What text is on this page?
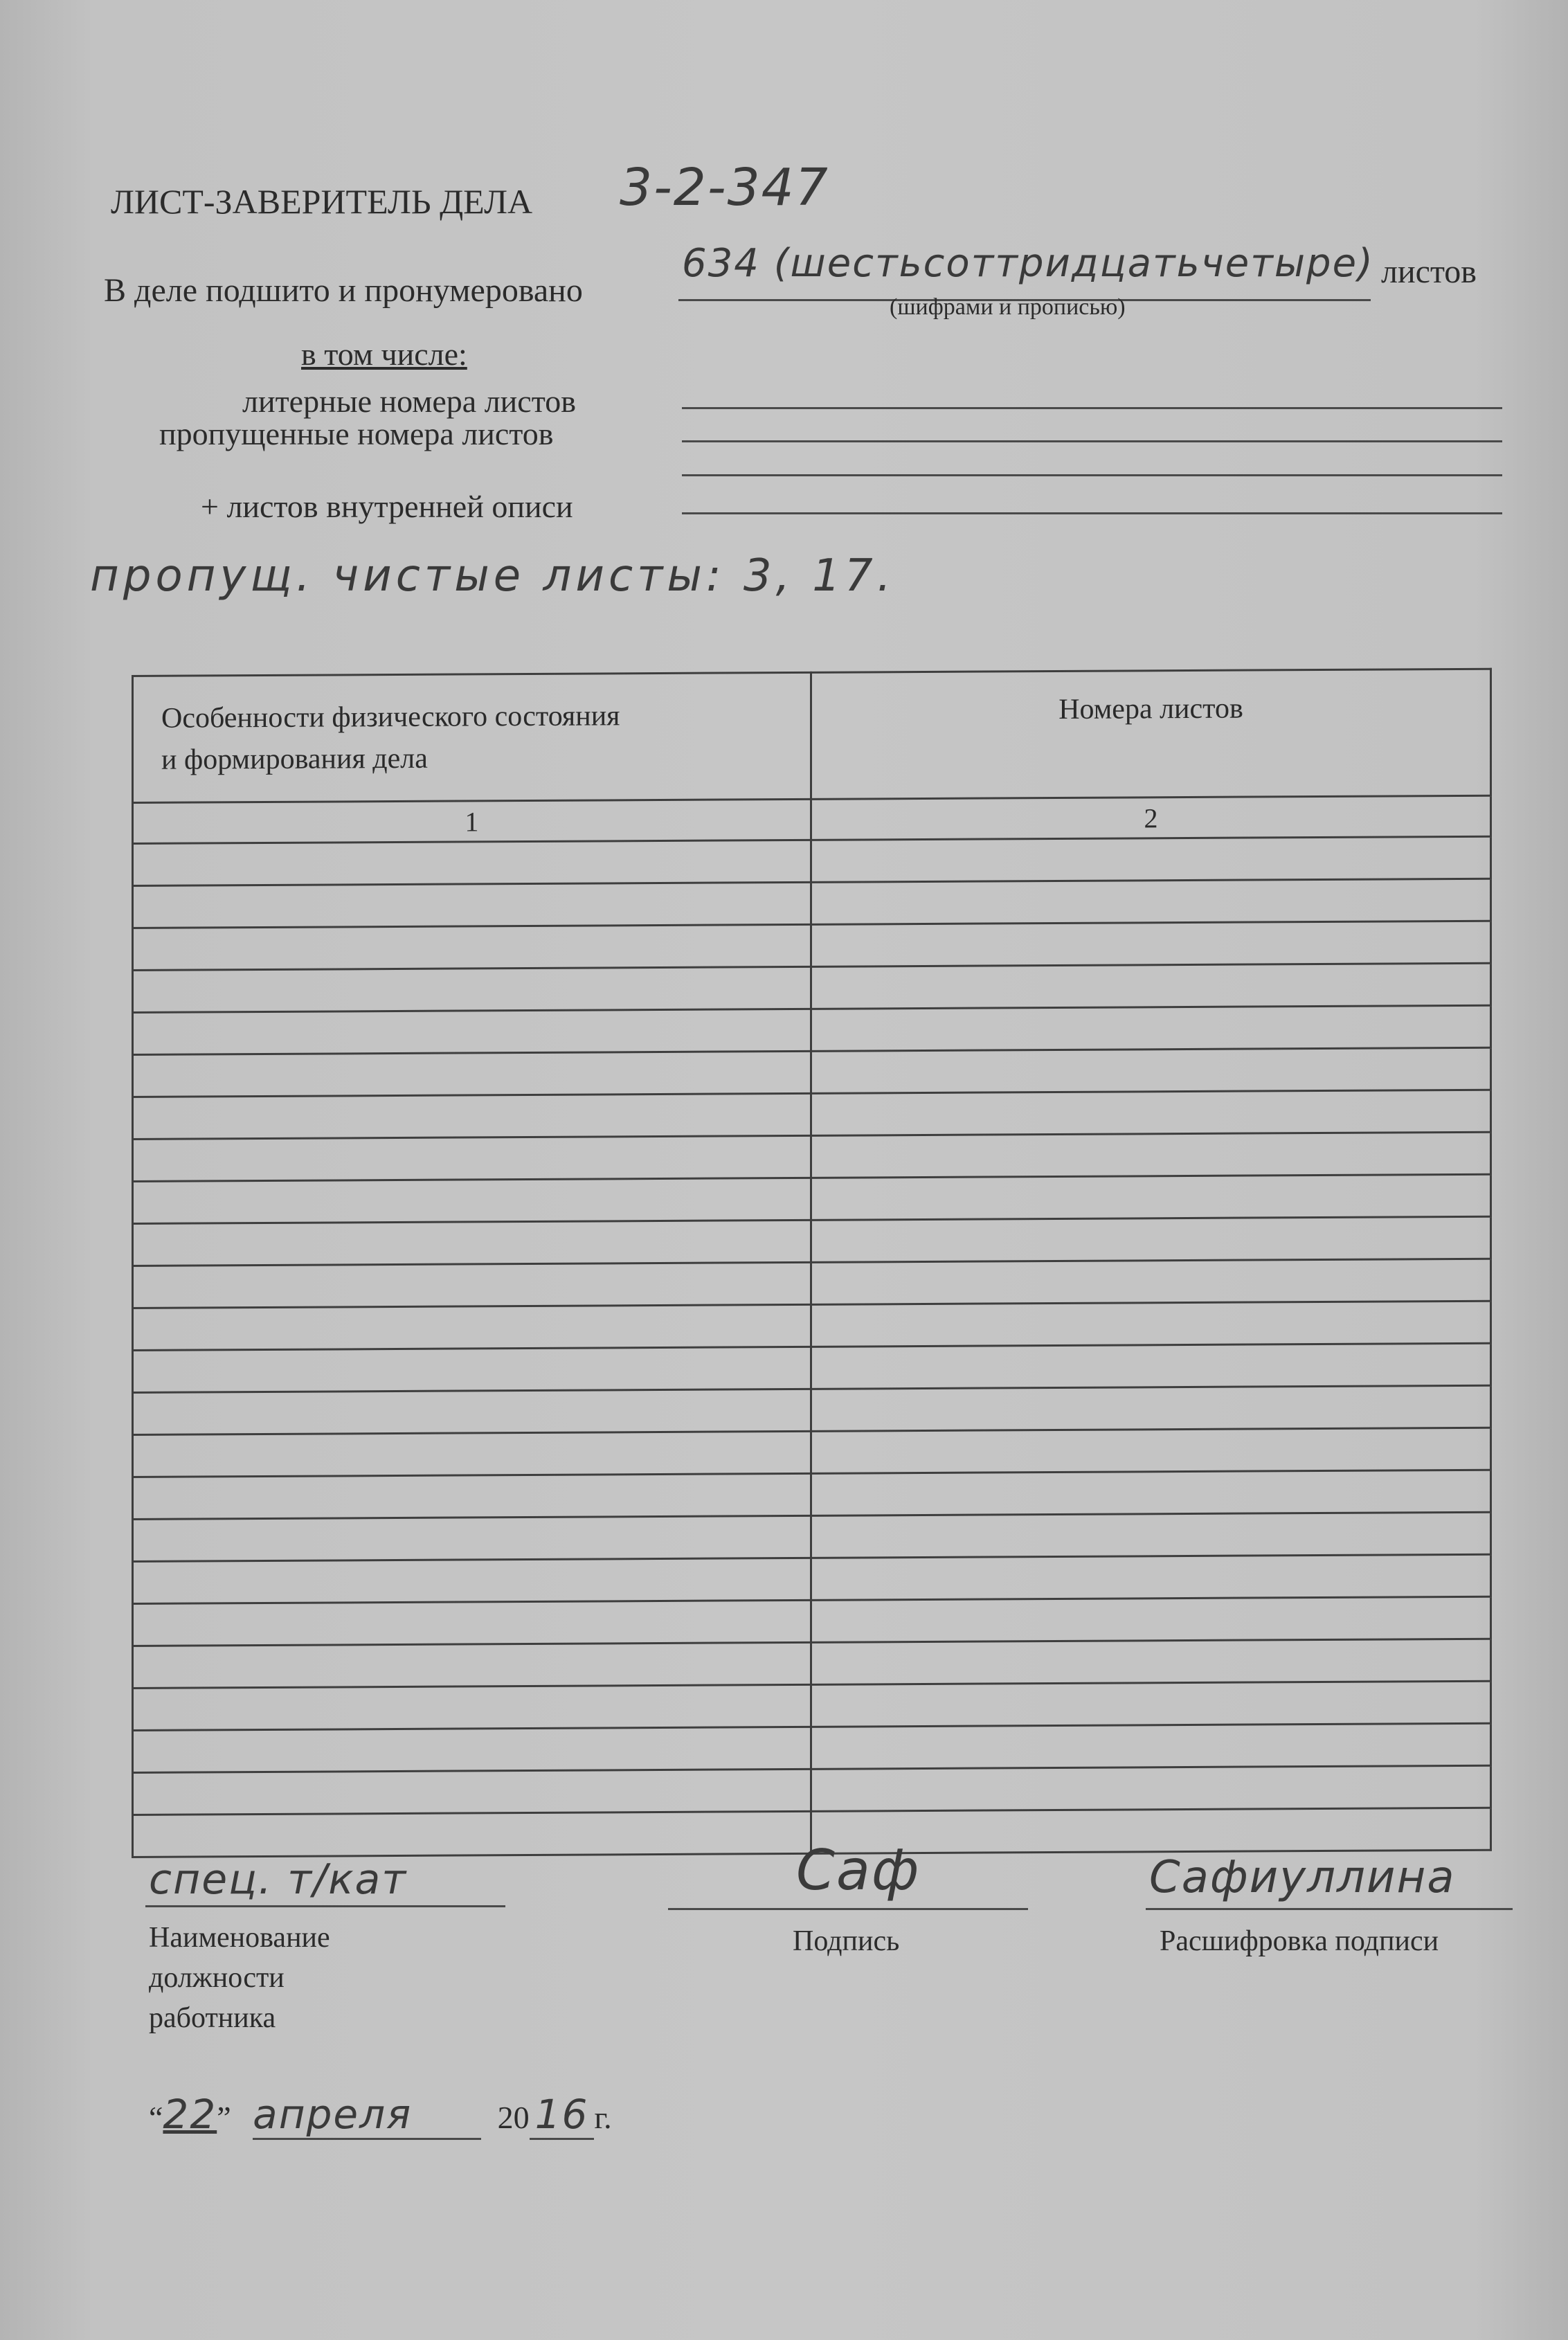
ЛИСТ-ЗАВЕРИТЕЛЬ ДЕЛА 3-2-347
В деле подшито и пронумеровано
634 (шестьсоттридцатьчетыре) листов
(шифрами и прописью)
в том числе:
литерные номера листов
пропущенные номера листов
+ листов внутренней описи
пропущ. чистые листы: 3, 17.
Особенности физического состояния
и формирования дела	Номера листов
1	2

спец. т/кат
Наименование
должности
работника
Саф
Подпись
Сафиуллина
Расшифровка подписи
“22” апреля	20 16 г.
